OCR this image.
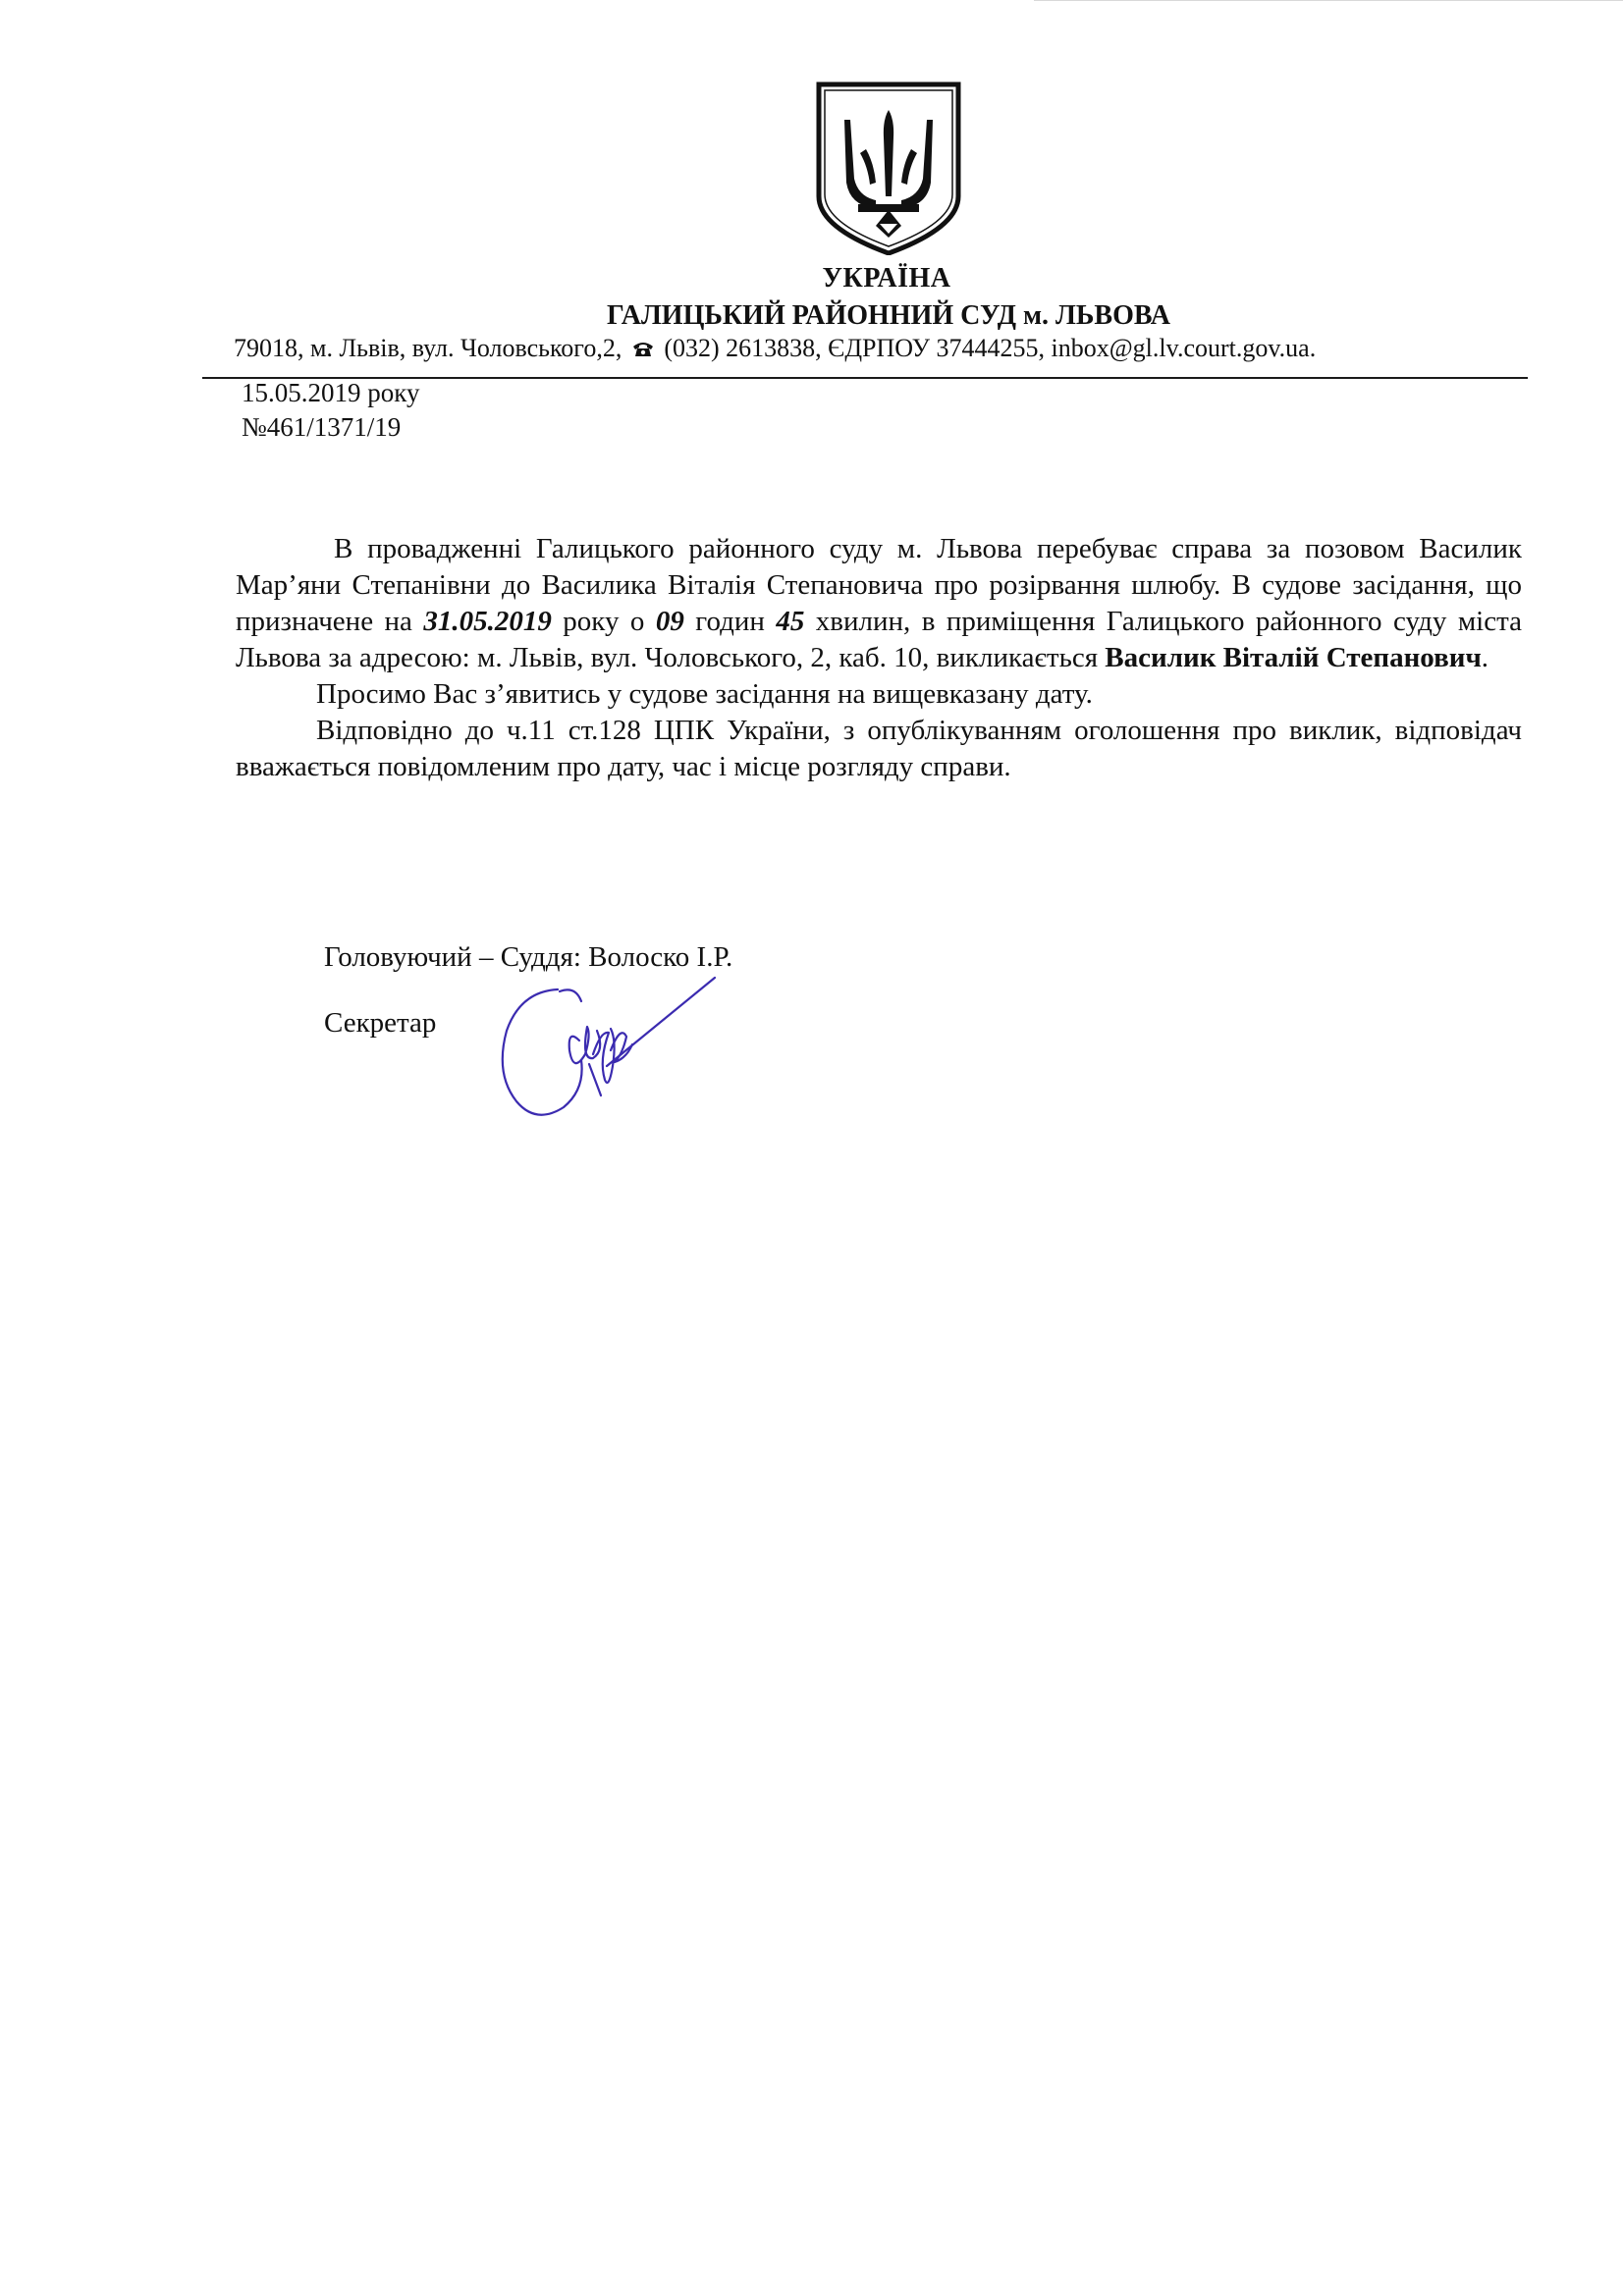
УКРАЇНА
ГАЛИЦЬКИЙ РАЙОННИЙ СУД м. ЛЬВОВА
79018, м. Львів, вул. Чоловського,2, (032) 2613838, ЄДРПОУ 37444255, inbox@gl.lv.court.gov.ua.
15.05.2019 року
№461/1371/19

В провадженні Галицького районного суду м. Львова перебуває справа за позовом Василик Мар’яни Степанівни до Василика Віталія Степановича про розірвання шлюбу. В судове засідання, що призначене на 31.05.2019 року о 09 годин 45 хвилин, в приміщення Галицького районного суду міста Львова за адресою: м. Львів, вул. Чоловського, 2, каб. 10, викликається Василик Віталій Степанович.

Просимо Вас з’явитись у судове засідання на вищевказану дату.

Відповідно до ч.11 ст.128 ЦПК України, з опублікуванням оголошення про виклик, відповідач вважається повідомленим про дату, час і місце розгляду справи.

Головуючий – Суддя: Волоско І.Р.
Секретар
